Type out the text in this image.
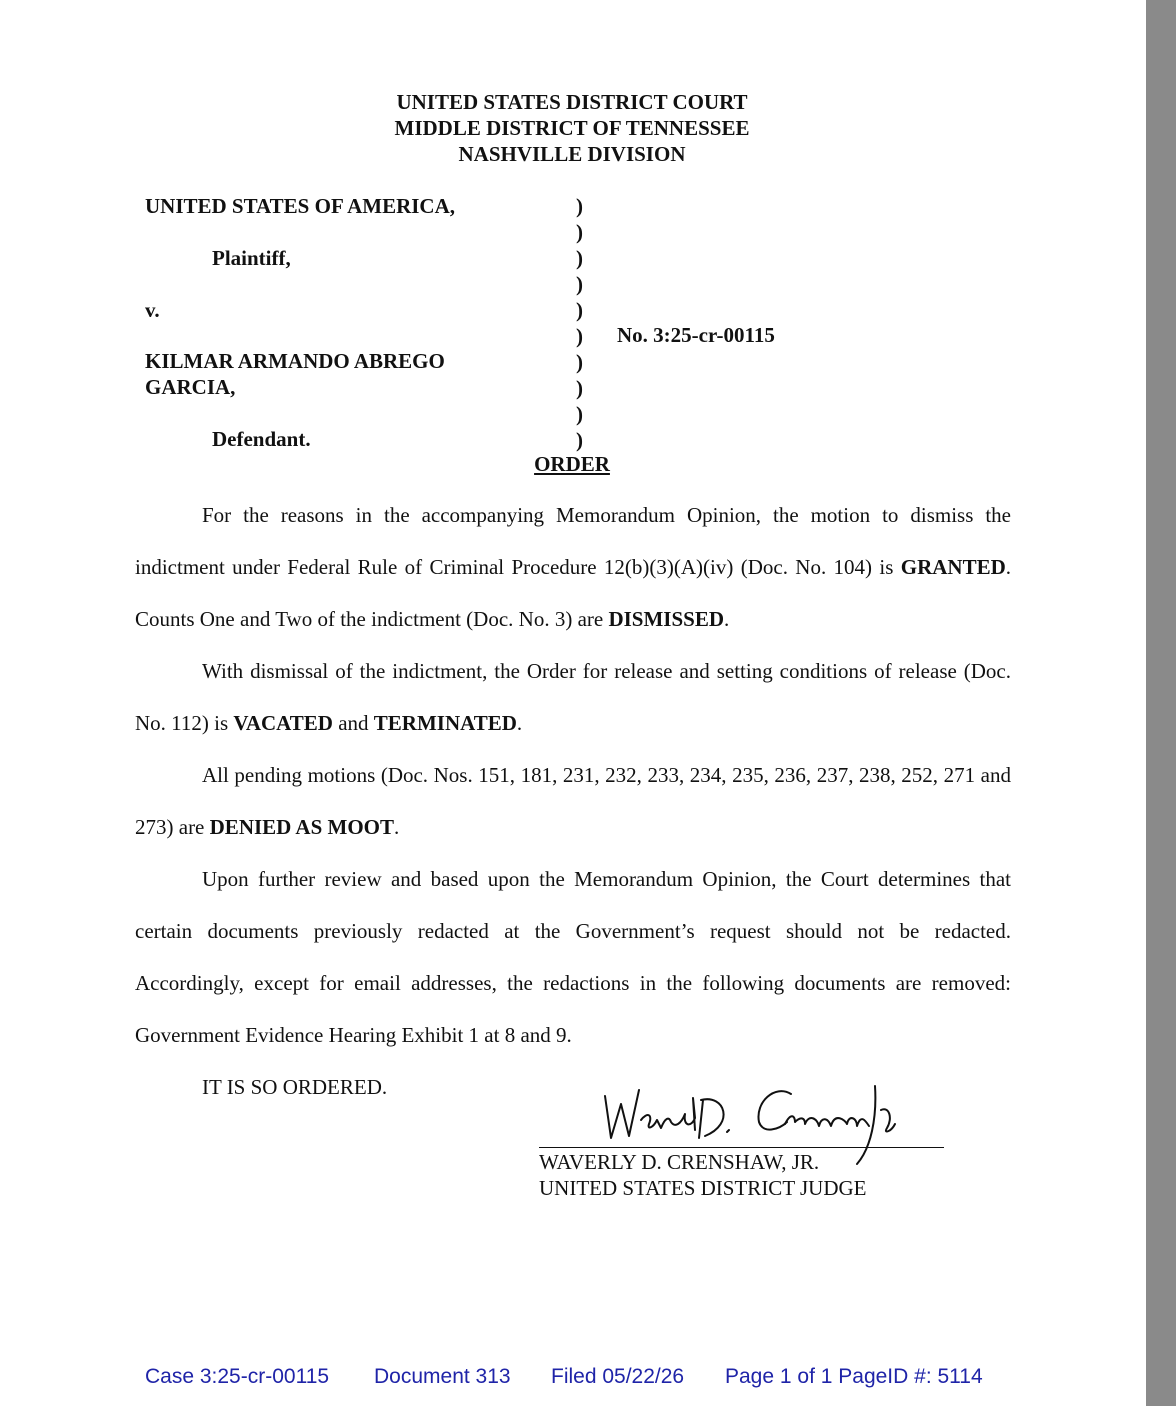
UNITED STATES DISTRICT COURT
MIDDLE DISTRICT OF TENNESSEE
NASHVILLE DIVISION
UNITED STATES OF AMERICA,
Plaintiff,
v.
KILMAR ARMANDO ABREGO
GARCIA,
Defendant.
)
)
)
)
)
)
)
)
)
)
No. 3:25-cr-00115
ORDER

For the reasons in the accompanying Memorandum Opinion, the motion to dismiss the indictment under Federal Rule of Criminal Procedure 12(b)(3)(A)(iv) (Doc. No. 104) is GRANTED. Counts One and Two of the indictment (Doc. No. 3) are DISMISSED.

With dismissal of the indictment, the Order for release and setting conditions of release (Doc. No. 112) is VACATED and TERMINATED.

All pending motions (Doc. Nos. 151, 181, 231, 232, 233, 234, 235, 236, 237, 238, 252, 271 and 273) are DENIED AS MOOT.

Upon further review and based upon the Memorandum Opinion, the Court determines that certain documents previously redacted at the Government’s request should not be redacted. Accordingly, except for email addresses, the redactions in the following documents are removed: Government Evidence Hearing Exhibit 1 at 8 and 9.

IT IS SO ORDERED.

Waverly D. Crenshaw, Jr
WAVERLY D. CRENSHAW, JR.
UNITED STATES DISTRICT JUDGE
Case 3:25-cr-00115 Document 313 Filed 05/22/26 Page 1 of 1 PageID #: 5114
